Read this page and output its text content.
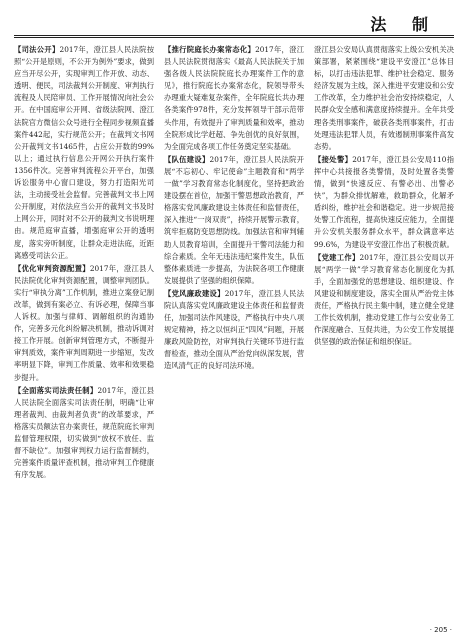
法 制
【司法公开】2017年，澄江县人民法院按照“公开是原则，不公开为例外”要求，做到应当开尽公开，实现审判工作开放、动态、透明、便民，司法裁判公开制度、审判执行流程及人民陪审员、工作开展情况向社会公开。在中国庭审公开网、省级法院网、澄江法院官方微信公众号进行全程同步视频直播案件442起，实行规范公开；在裁判文书网公开裁判文书1465件，占应公开数的99%以上；通过执行信息公开网公开执行案件1356件次。完善审判流程公开平台，加强诉讼服务中心窗口建设，努力打造阳光司法，主动接受社会监督。完善裁判文书上网公开制度，对依法应当公开的裁判文书及时上网公开，同时对不公开的裁判文书说明理由。规范庭审直播，增强庭审公开的透明度，落实旁听制度，让群众走进法庭，近距离感受司法公正。
【优化审判资源配置】2017年，澄江县人民法院优化审判资源配置，调整审判团队。实行“审执分离”工作机制，推进立案登记制改革，做到有案必立、有诉必理，保障当事人诉权。加强与律师、调解组织的沟通协作，完善多元化纠纷解决机制，推动诉调对接工作开展。创新审判管理方式，不断提升审判质效，案件审判周期进一步缩短，发改率明显下降，审判工作质量、效率和效果稳步提升。
【全面落实司法责任制】2017年，澄江县人民法院全面落实司法责任制，明确“让审理者裁判、由裁判者负责”的改革要求，严格落实员额法官办案责任，规范院庭长审判监督管理权限，切实做到“放权不放任、监督不缺位”。加强审判权力运行监督制约，完善案件质量评查机制，推动审判工作健康有序发展。
【推行院庭长办案常态化】2017年，澄江县人民法院贯彻落实《最高人民法院关于加强各级人民法院院庭长办理案件工作的意见》，推行院庭长办案常态化，院领导带头办理重大疑难复杂案件，全年院庭长共办理各类案件978件，充分发挥领导干部示范带头作用，有效提升了审判质量和效率，推动全院形成比学赶超、争先创优的良好氛围，为全面完成各项工作任务奠定坚实基础。
【队伍建设】2017年，澄江县人民法院开展“不忘初心、牢记使命”主题教育和“两学一做”学习教育常态化制度化，坚持把政治建设摆在首位，加强干警思想政治教育，严格落实党风廉政建设主体责任和监督责任，深入推进“一岗双责”，持续开展警示教育，筑牢拒腐防变思想防线。加强法官和审判辅助人员教育培训，全面提升干警司法能力和综合素质。全年无违法违纪案件发生，队伍整体素质进一步提高，为法院各项工作健康发展提供了坚强的组织保障。
【党风廉政建设】2017年，澄江县人民法院认真落实党风廉政建设主体责任和监督责任，加强司法作风建设，严格执行中央八项规定精神，持之以恒纠正“四风”问题，开展廉政风险防控，对审判执行关键环节进行监督检查，推动全面从严治党向纵深发展，营造风清气正的良好司法环境。
澄江县公安局认真贯彻落实上级公安机关决策部署，紧紧围绕“建设平安澄江”总体目标，以打击违法犯罪、维护社会稳定、服务经济发展为主线，深入推进平安建设和公安工作改革，全力维护社会治安持续稳定，人民群众安全感和满意度持续提升。全年共受理各类刑事案件，破获各类刑事案件，打击处理违法犯罪人员，有效遏制刑事案件高发态势。
【接处警】2017年，澄江县公安局110指挥中心共接报各类警情，及时处置各类警情，做到“快速反应、有警必出、出警必快”，为群众排忧解难，救助群众，化解矛盾纠纷，维护社会和谐稳定。进一步规范接处警工作流程，提高快速反应能力，全面提升公安机关服务群众水平，群众满意率达99.6%，为建设平安澄江作出了积极贡献。
【党建工作】2017年，澄江县公安局以开展“两学一做”学习教育常态化制度化为抓手，全面加强党的思想建设、组织建设、作风建设和制度建设，落实全面从严治党主体责任，严格执行民主集中制，建立健全党建工作长效机制，推动党建工作与公安业务工作深度融合、互促共进，为公安工作发展提供坚强的政治保证和组织保证。
· 205 ·
